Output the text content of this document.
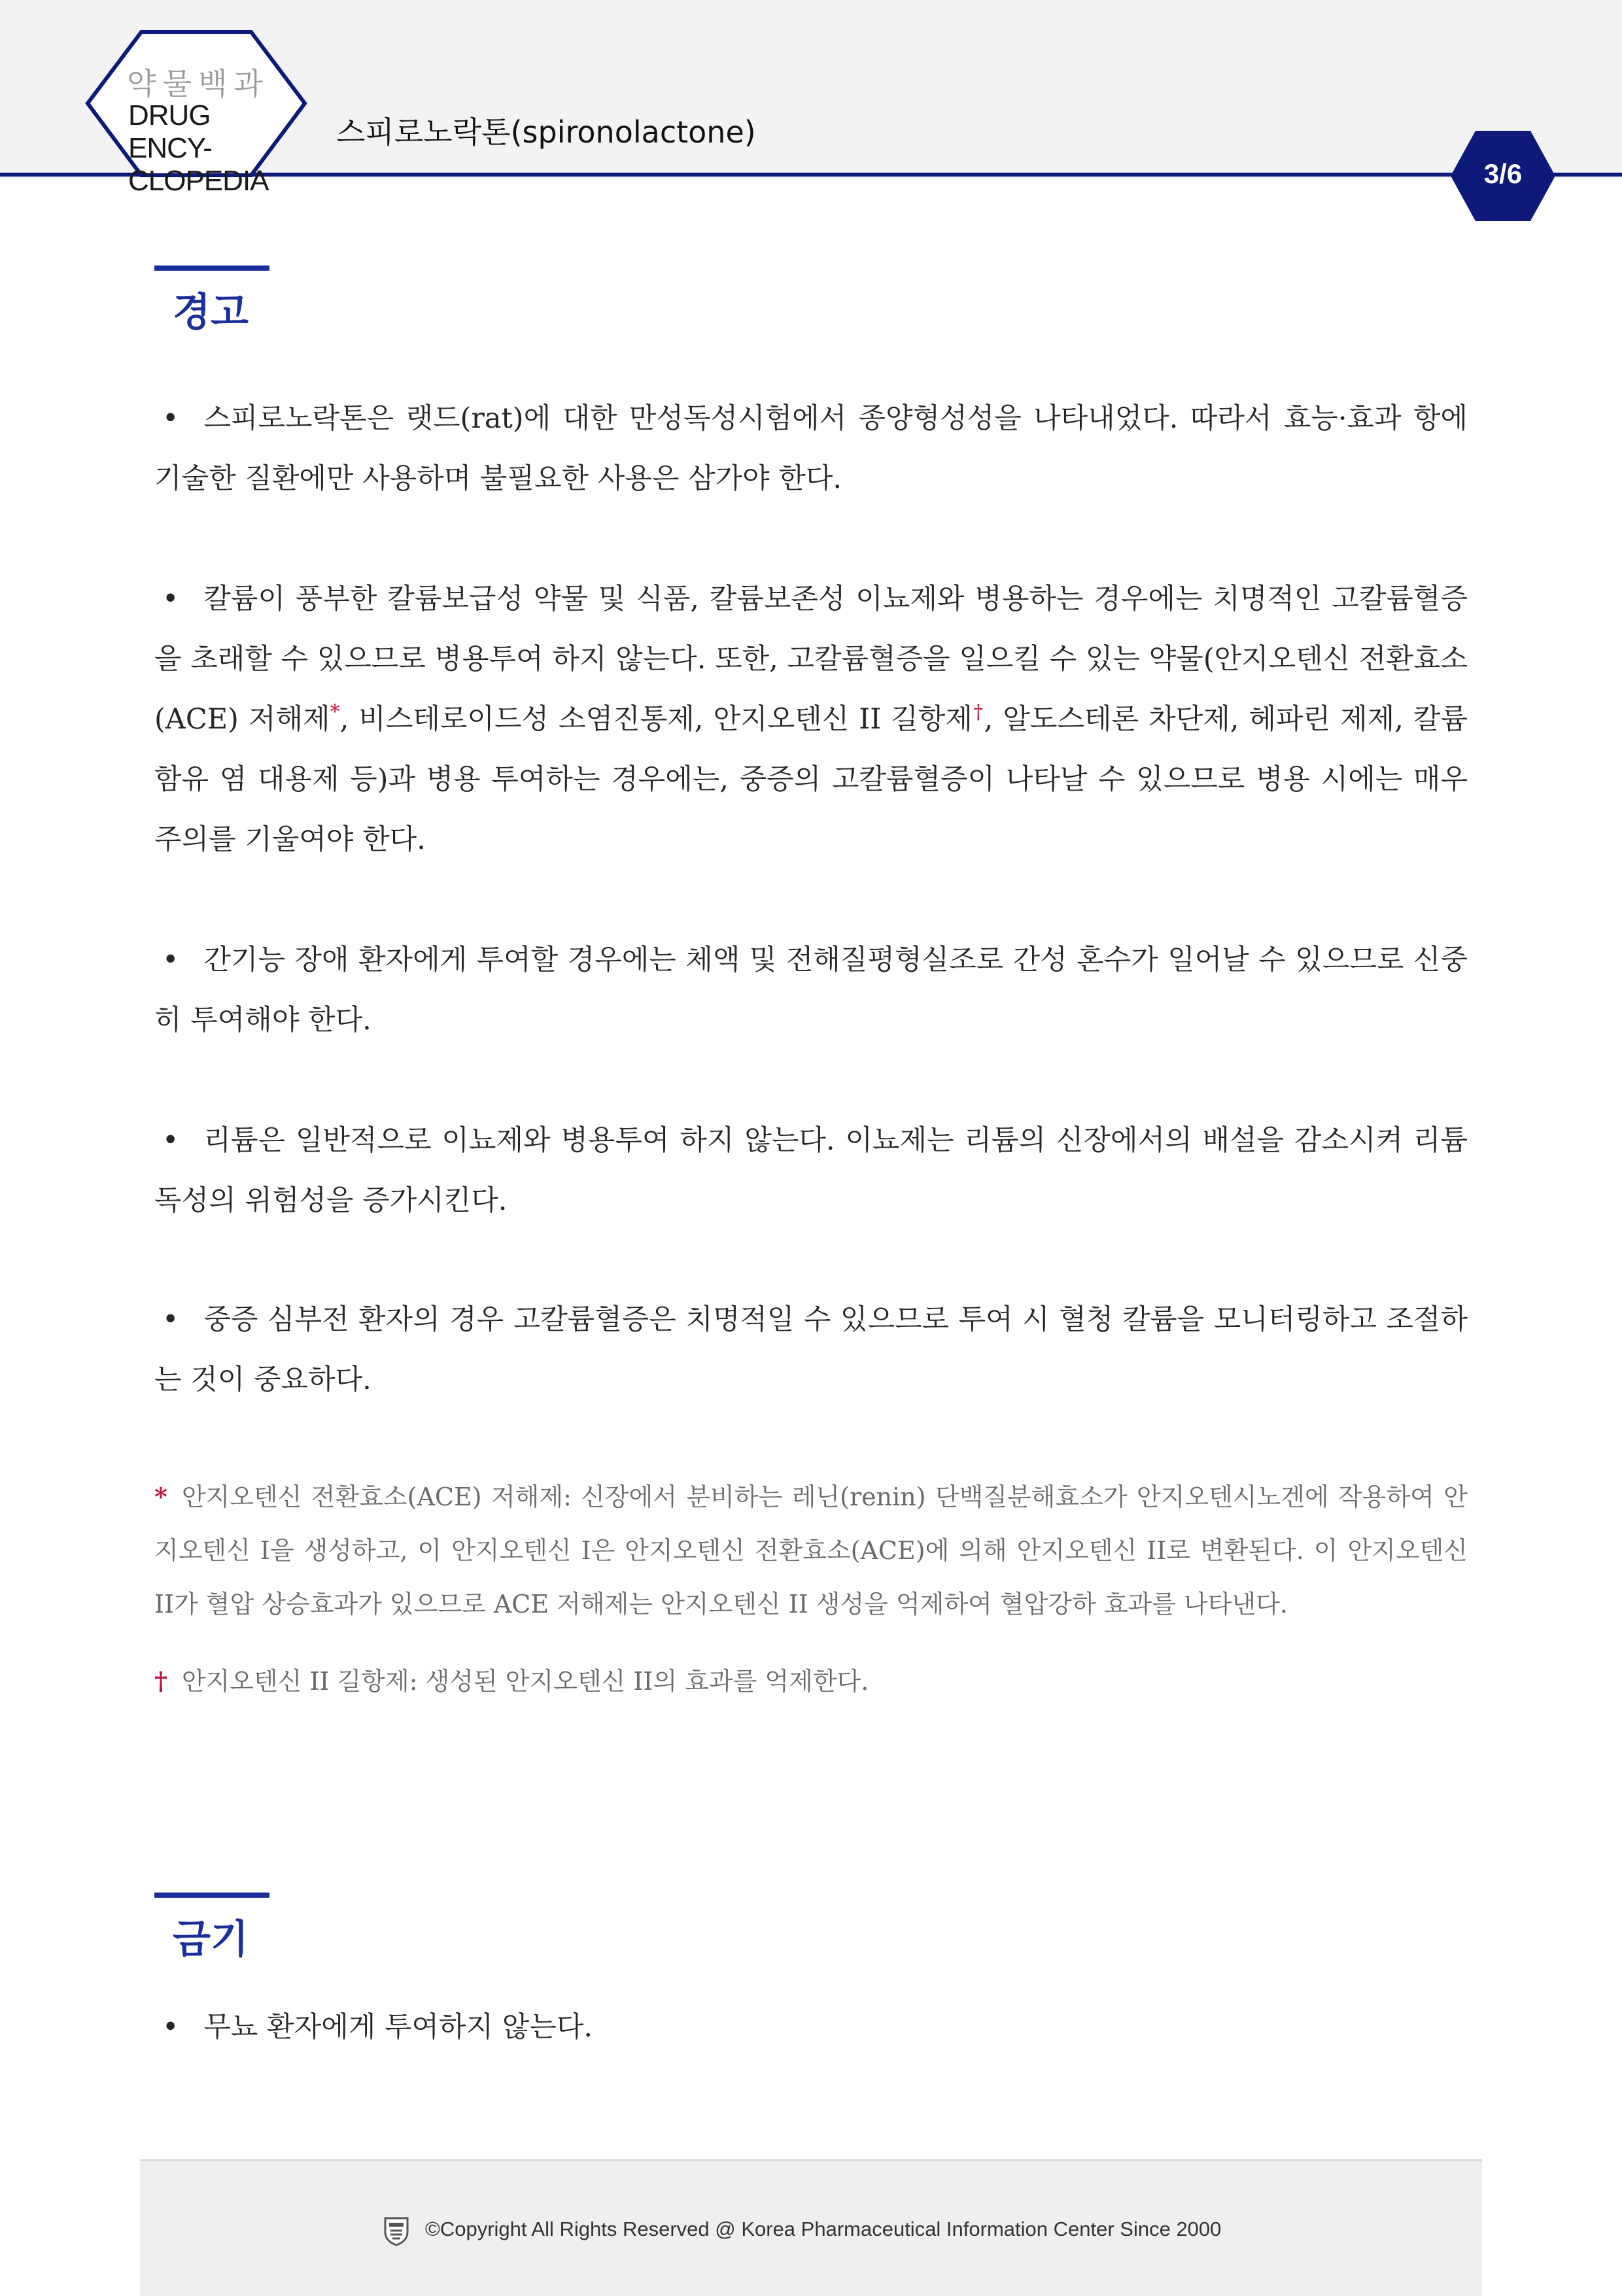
약물백과
DRUG ENCY-
CLOPEDIA
스피로노락톤(spironolactone)
3/6
경고
• 스피로노락톤은 랫드(rat)에 대한 만성독성시험에서 종양형성성을 나타내었다. 따라서 효능·효과 항에 기술한 질환에만 사용하며 불필요한 사용은 삼가야 한다.
• 칼륨이 풍부한 칼륨보급성 약물 및 식품, 칼륨보존성 이뇨제와 병용하는 경우에는 치명적인 고칼륨혈증을 초래할 수 있으므로 병용투여 하지 않는다. 또한, 고칼륨혈증을 일으킬 수 있는 약물(안지오텐신 전환효소(ACE) 저해제*, 비스테로이드성 소염진통제, 안지오텐신 II 길항제†, 알도스테론 차단제, 헤파린 제제, 칼륨 함유 염 대용제 등)과 병용 투여하는 경우에는, 중증의 고칼륨혈증이 나타날 수 있으므로 병용 시에는 매우 주의를 기울여야 한다.
• 간기능 장애 환자에게 투여할 경우에는 체액 및 전해질평형실조로 간성 혼수가 일어날 수 있으므로 신중히 투여해야 한다.
• 리튬은 일반적으로 이뇨제와 병용투여 하지 않는다. 이뇨제는 리튬의 신장에서의 배설을 감소시켜 리튬 독성의 위험성을 증가시킨다.
• 중증 심부전 환자의 경우 고칼륨혈증은 치명적일 수 있으므로 투여 시 혈청 칼륨을 모니터링하고 조절하는 것이 중요하다.
* 안지오텐신 전환효소(ACE) 저해제: 신장에서 분비하는 레닌(renin) 단백질분해효소가 안지오텐시노겐에 작용하여 안지오텐신 I을 생성하고, 이 안지오텐신 I은 안지오텐신 전환효소(ACE)에 의해 안지오텐신 II로 변환된다. 이 안지오텐신 II가 혈압 상승효과가 있으므로 ACE 저해제는 안지오텐신 II 생성을 억제하여 혈압강하 효과를 나타낸다.
† 안지오텐신 II 길항제: 생성된 안지오텐신 II의 효과를 억제한다.
금기
• 무뇨 환자에게 투여하지 않는다.
©Copyright All Rights Reserved @ Korea Pharmaceutical Information Center Since 2000
